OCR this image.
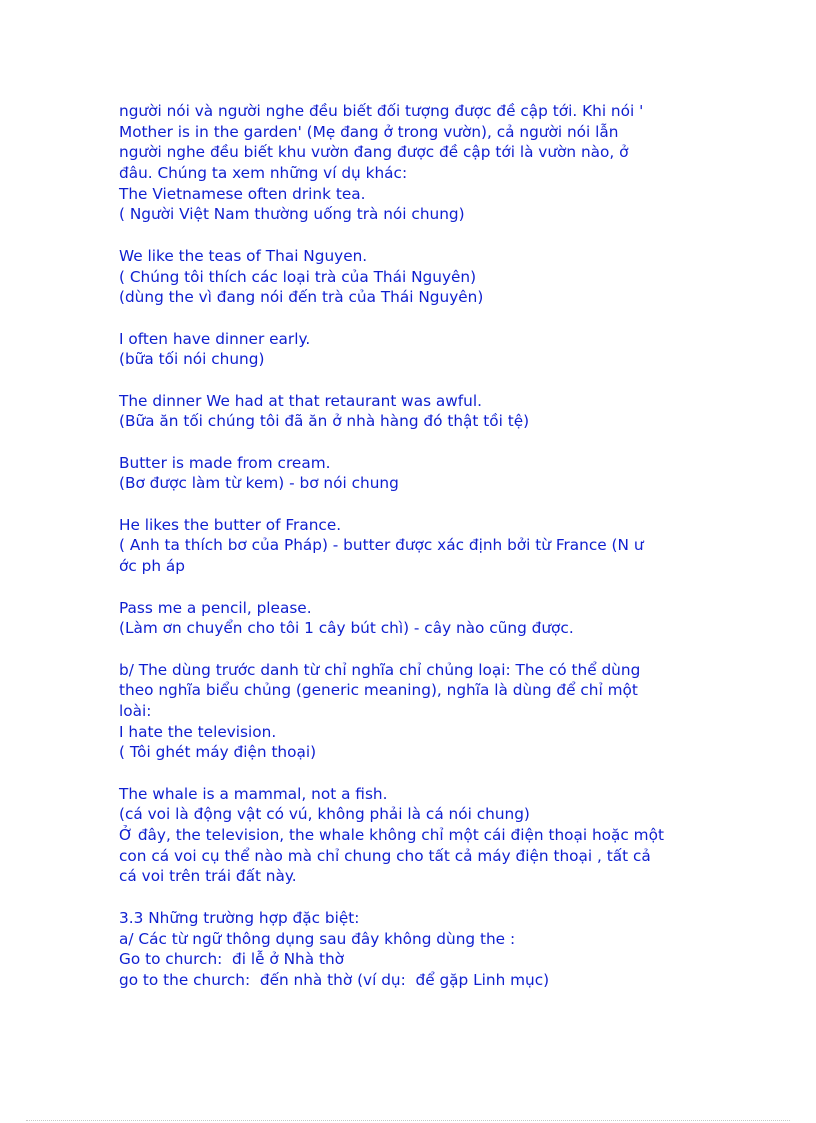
người nói và người nghe đều biết đối tượng được đề cập tới. Khi nói '
Mother is in the garden' (Mẹ đang ở trong vườn), cả người nói lẫn
người nghe đều biết khu vườn đang được đề cập tới là vườn nào, ở
đâu. Chúng ta xem những ví dụ khác:
The Vietnamese often drink tea.
( Người Việt Nam thường uống trà nói chung)
We like the teas of Thai Nguyen.
( Chúng tôi thích các loại trà của Thái Nguyên)
(dùng the vì đang nói đến trà của Thái Nguyên)
I often have dinner early.
(bữa tối nói chung)
The dinner We had at that retaurant was awful.
(Bữa ăn tối chúng tôi đã ăn ở nhà hàng đó thật tồi tệ)
Butter is made from cream.
(Bơ được làm từ kem) - bơ nói chung
He likes the butter of France.
( Anh ta thích bơ của Pháp) - butter được xác định bởi từ France (N ư
ớc ph áp
Pass me a pencil, please.
(Làm ơn chuyển cho tôi 1 cây bút chì) - cây nào cũng được.
b/ The dùng trước danh từ chỉ nghĩa chỉ chủng loại: The có thể dùng
theo nghĩa biểu chủng (generic meaning), nghĩa là dùng để chỉ một
loài:
I hate the television.
( Tôi ghét máy điện thoại)
The whale is a mammal, not a fish.
(cá voi là động vật có vú, không phải là cá nói chung)
Ở đây, the television, the whale không chỉ một cái điện thoại hoặc một
con cá voi cụ thể nào mà chỉ chung cho tất cả máy điện thoại , tất cả
cá voi trên trái đất này.
3.3 Những trường hợp đặc biệt:
a/ Các từ ngữ thông dụng sau đây không dùng the :
Go to church:  đi lễ ở Nhà thờ
go to the church:  đến nhà thờ (ví dụ:  để gặp Linh mục)
